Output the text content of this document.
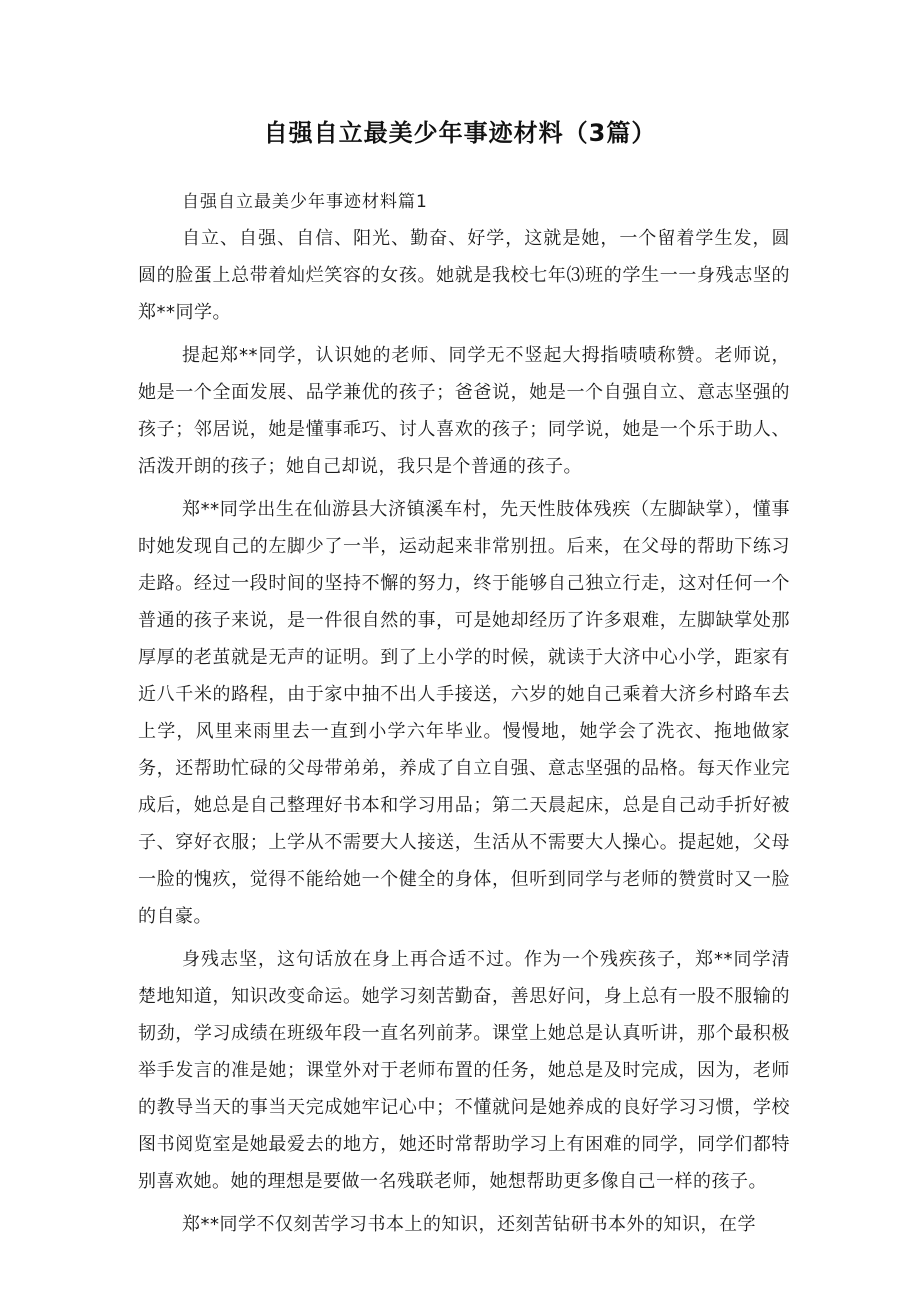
自强自立最美少年事迹材料（3篇）

自强自立最美少年事迹材料篇1

自立、自强、自信、阳光、勤奋、好学，这就是她，一个留着学生发，圆圆的脸蛋上总带着灿烂笑容的女孩。她就是我校七年⑶班的学生一一身残志坚的郑**同学。

提起郑**同学，认识她的老师、同学无不竖起大拇指啧啧称赞。老师说，她是一个全面发展、品学兼优的孩子；爸爸说，她是一个自强自立、意志坚强的孩子；邻居说，她是懂事乖巧、讨人喜欢的孩子；同学说，她是一个乐于助人、活泼开朗的孩子；她自己却说，我只是个普通的孩子。

郑**同学出生在仙游县大济镇溪车村，先天性肢体残疾（左脚缺掌），懂事时她发现自己的左脚少了一半，运动起来非常别扭。后来，在父母的帮助下练习走路。经过一段时间的坚持不懈的努力，终于能够自己独立行走，这对任何一个普通的孩子来说，是一件很自然的事，可是她却经历了许多艰难，左脚缺掌处那厚厚的老茧就是无声的证明。到了上小学的时候，就读于大济中心小学，距家有近八千米的路程，由于家中抽不出人手接送，六岁的她自己乘着大济乡村路车去上学，风里来雨里去一直到小学六年毕业。慢慢地，她学会了洗衣、拖地做家务，还帮助忙碌的父母带弟弟，养成了自立自强、意志坚强的品格。每天作业完成后，她总是自己整理好书本和学习用品；第二天晨起床，总是自己动手折好被子、穿好衣服；上学从不需要大人接送，生活从不需要大人操心。提起她，父母一脸的愧疚，觉得不能给她一个健全的身体，但听到同学与老师的赞赏时又一脸的自豪。

身残志坚，这句话放在身上再合适不过。作为一个残疾孩子，郑**同学清楚地知道，知识改变命运。她学习刻苦勤奋，善思好问，身上总有一股不服输的韧劲，学习成绩在班级年段一直名列前茅。课堂上她总是认真听讲，那个最积极举手发言的准是她；课堂外对于老师布置的任务，她总是及时完成，因为，老师的教导当天的事当天完成她牢记心中；不懂就问是她养成的良好学习习惯，学校图书阅览室是她最爱去的地方，她还时常帮助学习上有困难的同学，同学们都特别喜欢她。她的理想是要做一名残联老师，她想帮助更多像自己一样的孩子。

郑**同学不仅刻苦学习书本上的知识，还刻苦钻研书本外的知识，在学
